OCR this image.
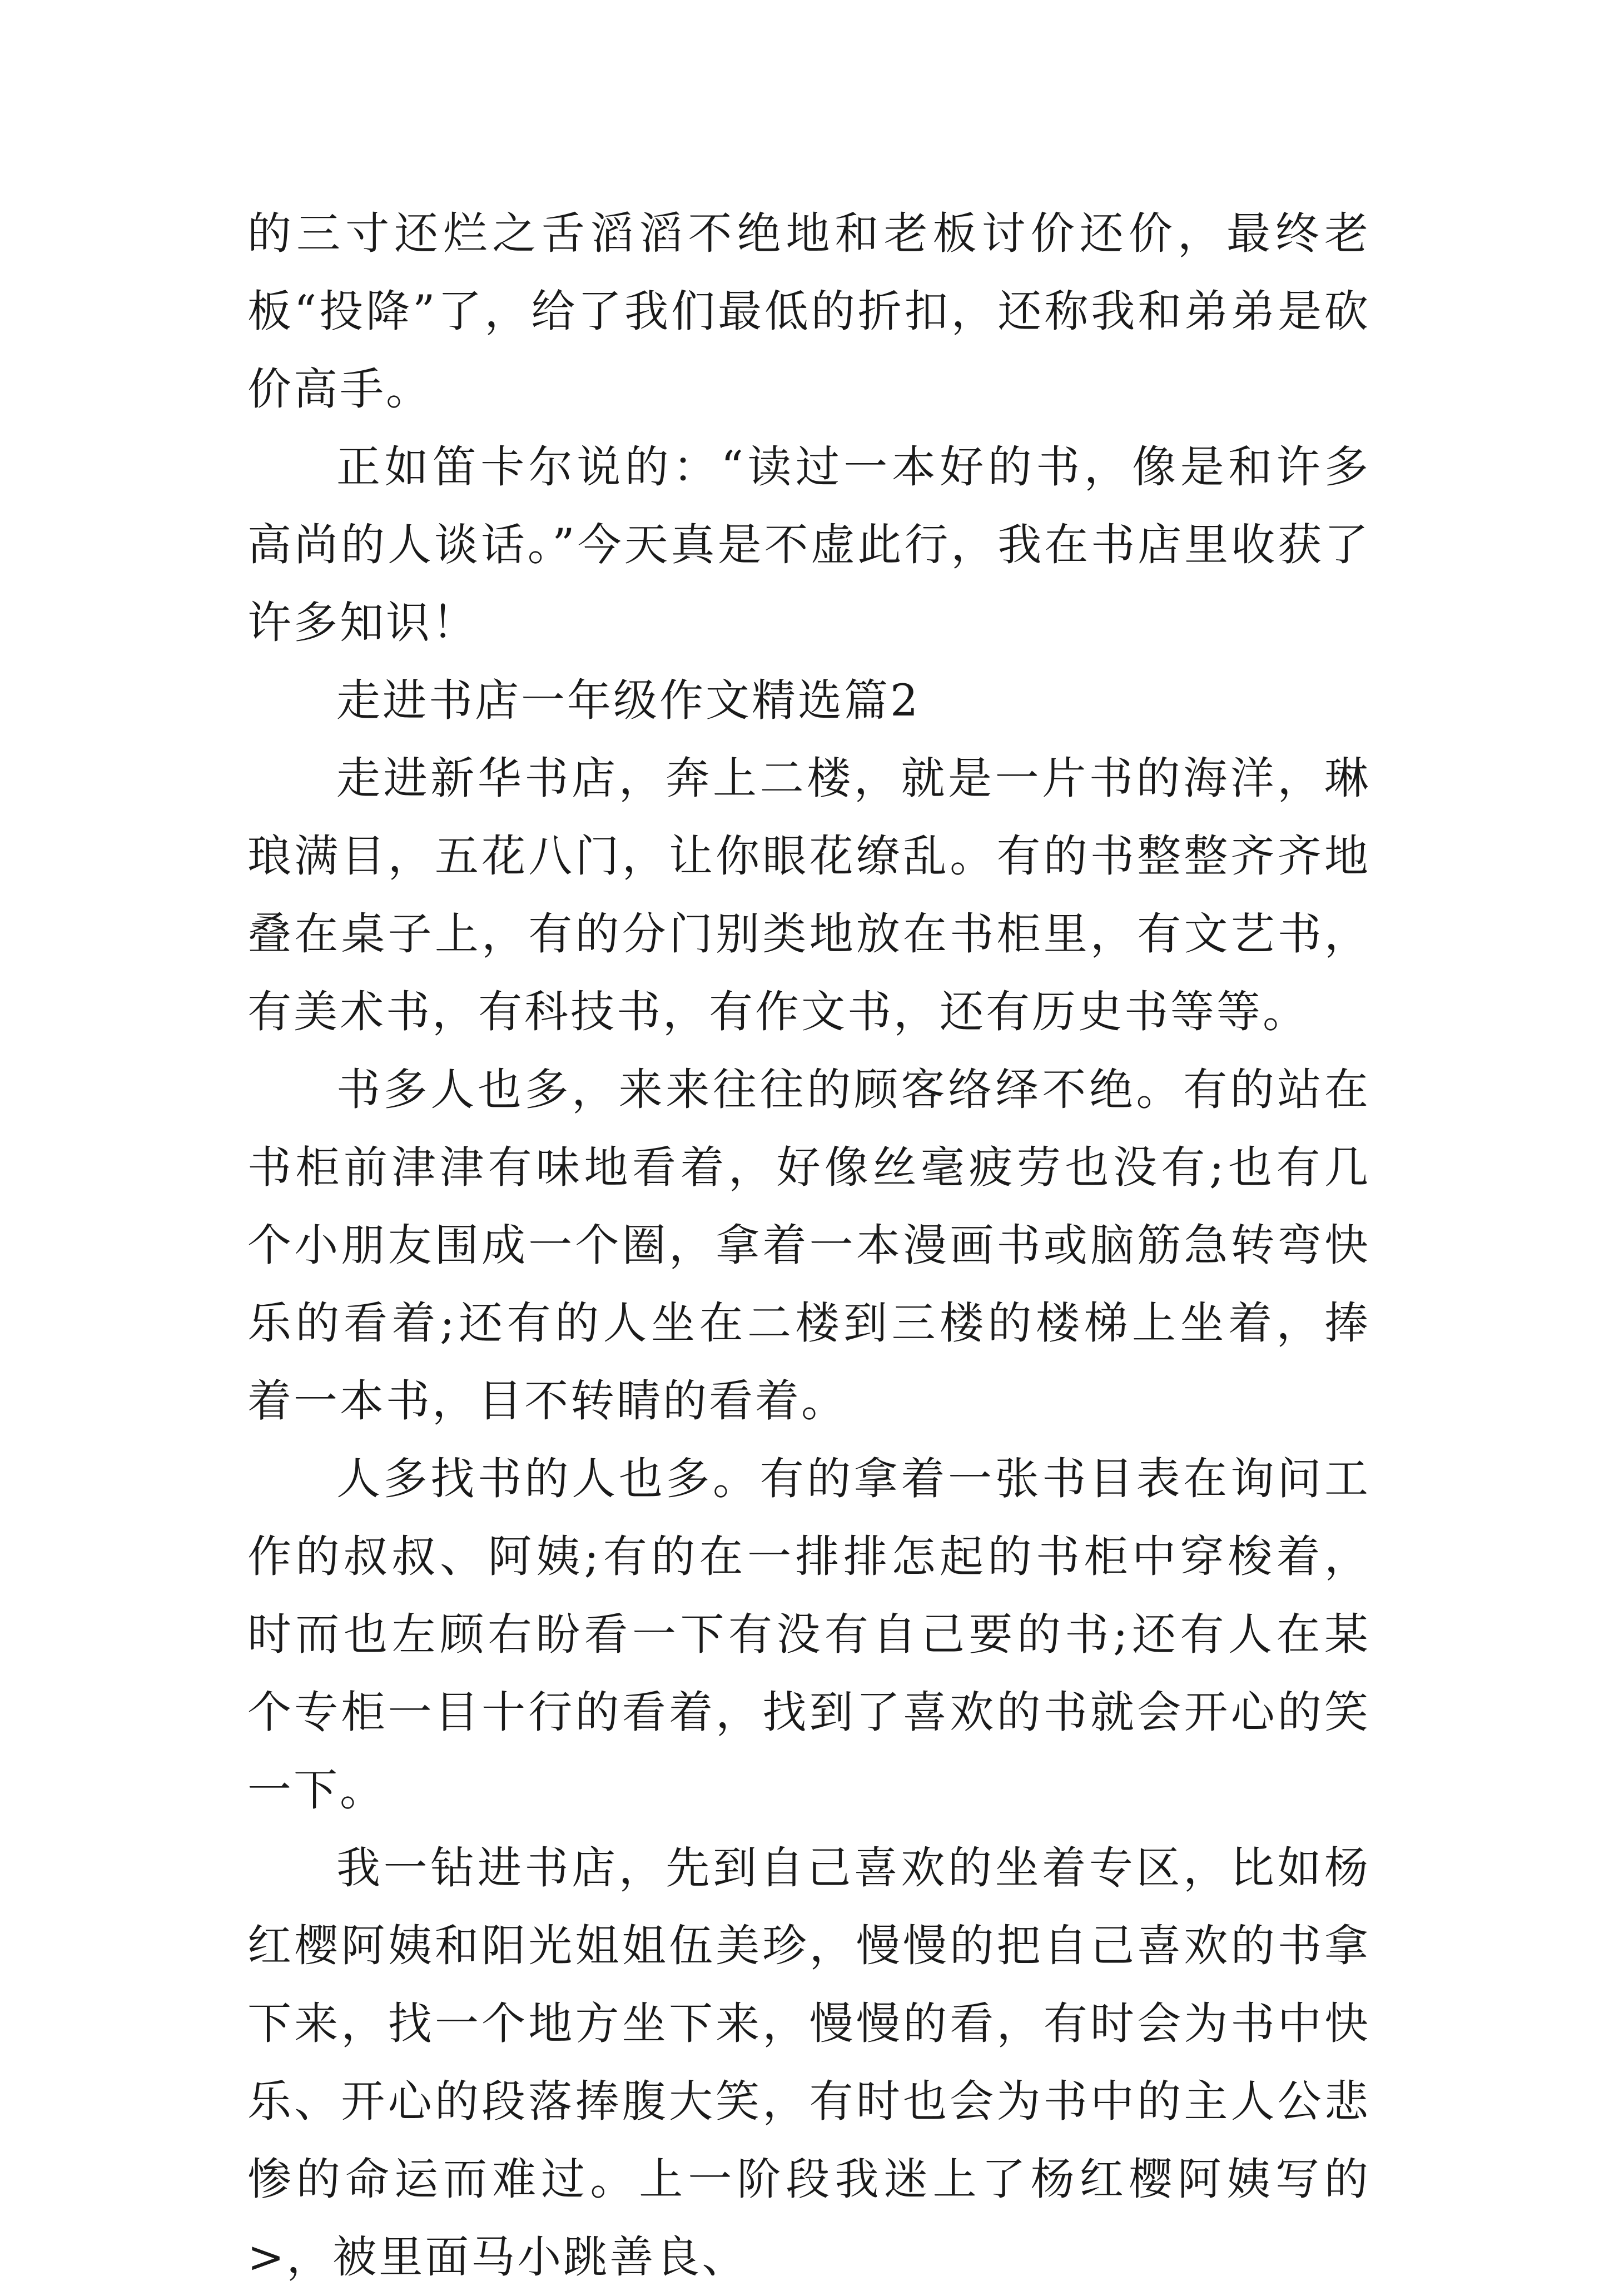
的三寸还烂之舌滔滔不绝地和老板讨价还价，最终老板“投降”了，给了我们最低的折扣，还称我和弟弟是砍价高手。

正如笛卡尔说的：“读过一本好的书，像是和许多高尚的人谈话。”今天真是不虚此行，我在书店里收获了许多知识！

走进书店一年级作文精选篇2

走进新华书店，奔上二楼，就是一片书的海洋，琳琅满目，五花八门，让你眼花缭乱。有的书整整齐齐地叠在桌子上，有的分门别类地放在书柜里，有文艺书，有美术书，有科技书，有作文书，还有历史书等等。

书多人也多，来来往往的顾客络绎不绝。有的站在书柜前津津有味地看着，好像丝毫疲劳也没有;也有几个小朋友围成一个圈，拿着一本漫画书或脑筋急转弯快乐的看着;还有的人坐在二楼到三楼的楼梯上坐着，捧着一本书，目不转睛的看着。

人多找书的人也多。有的拿着一张书目表在询问工作的叔叔、阿姨;有的在一排排怎起的书柜中穿梭着，时而也左顾右盼看一下有没有自己要的书;还有人在某个专柜一目十行的看着，找到了喜欢的书就会开心的笑一下。

我一钻进书店，先到自己喜欢的坐着专区，比如杨红樱阿姨和阳光姐姐伍美珍，慢慢的把自己喜欢的书拿下来，找一个地方坐下来，慢慢的看，有时会为书中快乐、开心的段落捧腹大笑，有时也会为书中的主人公悲惨的命运而难过。上一阶段我迷上了杨红樱阿姨写的>，被里面马小跳善良、
